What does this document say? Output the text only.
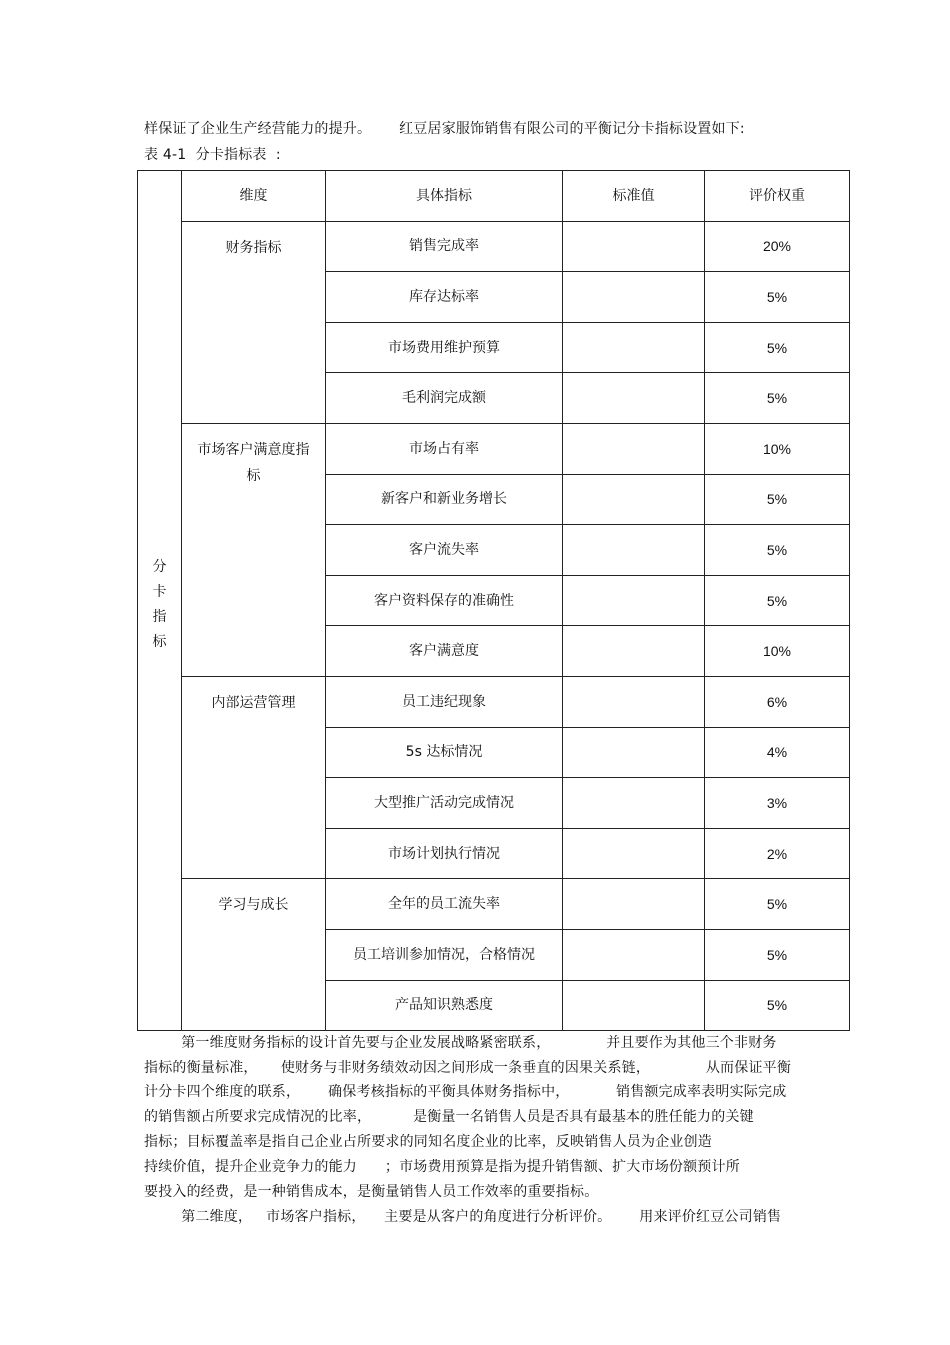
样保证了企业生产经营能力的提升。      红豆居家服饰销售有限公司的平衡记分卡指标设置如下:
表 4-1  分卡指标表  :
分
卡
指
标	维度	具体指标	标准值	评价权重
	财务指标	销售完成率		20%
		库存达标率		5%
		市场费用维护预算		5%
		毛利润完成额		5%
	市场客户满意度指标	市场占有率		10%
		新客户和新业务增长		5%
		客户流失率		5%
		客户资料保存的准确性		5%
		客户满意度		10%
	内部运营管理	员工违纪现象		6%
		5s 达标情况		4%
		大型推广活动完成情况		3%
		市场计划执行情况		2%
	学习与成长	全年的员工流失率		5%
		员工培训参加情况，合格情况		5%
		产品知识熟悉度		5%
第一维度财务指标的设计首先要与企业发展战略紧密联系，            并且要作为其他三个非财务
指标的衡量标准，     使财务与非财务绩效动因之间形成一条垂直的因果关系链，            从而保证平衡
计分卡四个维度的联系，      确保考核指标的平衡具体财务指标中，          销售额完成率表明实际完成
的销售额占所要求完成情况的比率，         是衡量一名销售人员是否具有最基本的胜任能力的关键
指标；目标覆盖率是指自己企业占所要求的同知名度企业的比率，反映销售人员为企业创造
持续价值，提升企业竞争力的能力      ；市场费用预算是指为提升销售额、扩大市场份额预计所
要投入的经费，是一种销售成本，是衡量销售人员工作效率的重要指标。
第二维度，   市场客户指标，    主要是从客户的角度进行分析评价。      用来评价红豆公司销售
